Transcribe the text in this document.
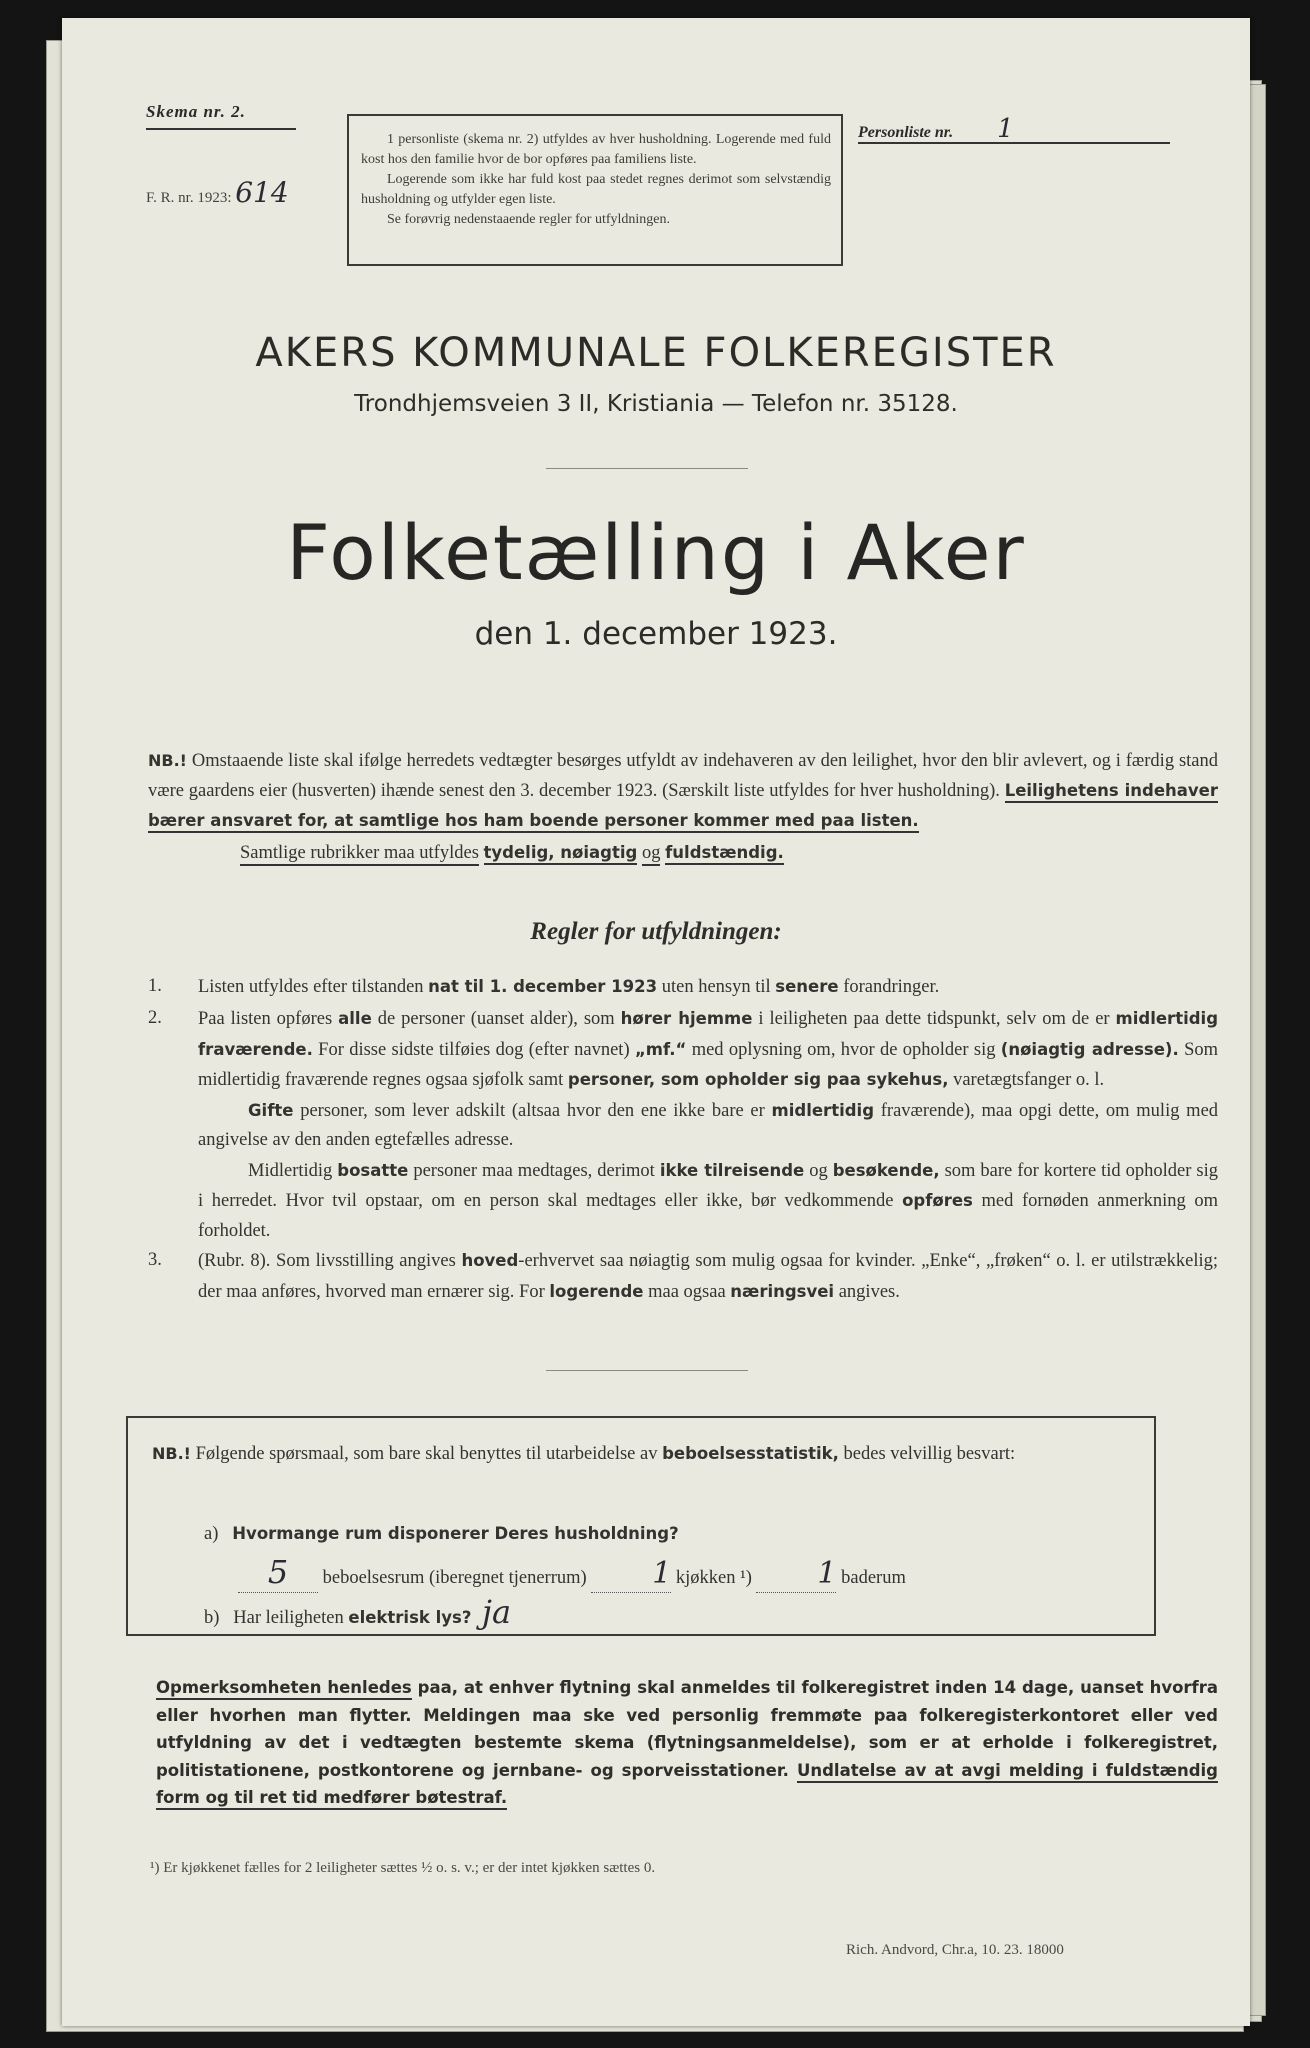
Skema nr. 2.
F. R. nr. 1923: 614

1 personliste (skema nr. 2) utfyldes av hver husholdning. Logerende med fuld kost hos den familie hvor de bor opføres paa familiens liste.

Logerende som ikke har fuld kost paa stedet regnes derimot som selvstændig husholdning og utfylder egen liste.

Se forøvrig nedenstaaende regler for utfyldningen.

Personliste nr. 1
AKERS KOMMUNALE FOLKEREGISTER
Trondhjemsveien 3 II, Kristiania — Telefon nr. 35128.
Folketælling i Aker
den 1. december 1923.
NB.! Omstaaende liste skal ifølge herredets vedtægter besørges utfyldt av indehaveren av den leilighet, hvor den blir avlevert, og i færdig stand være gaardens eier (husverten) ihænde senest den 3. december 1923. (Særskilt liste utfyldes for hver husholdning). Leilighetens indehaver bærer ansvaret for, at samtlige hos ham boende personer kommer med paa listen.
Samtlige rubrikker maa utfyldes tydelig, nøiagtig og fuldstændig.
Regler for utfyldningen:
1. Listen utfyldes efter tilstanden nat til 1. december 1923 uten hensyn til senere forandringer.
2. Paa listen opføres alle de personer (uanset alder), som hører hjemme i leiligheten paa dette tidspunkt, selv om de er midlertidig fraværende. For disse sidste tilføies dog (efter navnet) „mf.“ med oplysning om, hvor de opholder sig (nøiagtig adresse). Som midlertidig fraværende regnes ogsaa sjøfolk samt personer, som opholder sig paa sykehus, varetægtsfanger o. l.
Gifte personer, som lever adskilt (altsaa hvor den ene ikke bare er midlertidig fraværende), maa opgi dette, om mulig med angivelse av den anden egtefælles adresse.
Midlertidig bosatte personer maa medtages, derimot ikke tilreisende og besøkende, som bare for kortere tid opholder sig i herredet. Hvor tvil opstaar, om en person skal medtages eller ikke, bør vedkommende opføres med fornøden anmerkning om forholdet.
3. (Rubr. 8). Som livsstilling angives hoved-erhvervet saa nøiagtig som mulig ogsaa for kvinder. „Enke“, „frøken“ o. l. er utilstrækkelig; der maa anføres, hvorved man ernærer sig. For logerende maa ogsaa næringsvei angives.
NB.! Følgende spørsmaal, som bare skal benyttes til utarbeidelse av beboelsesstatistik, bedes velvillig besvart:
a) Hvormange rum disponerer Deres husholdning?
5 beboelsesrum (iberegnet tjenerrum) 1 kjøkken ¹) 1 baderum
b) Har leiligheten elektrisk lys? ja
Opmerksomheten henledes paa, at enhver flytning skal anmeldes til folkeregistret inden 14 dage, uanset hvorfra eller hvorhen man flytter. Meldingen maa ske ved personlig fremmøte paa folkeregisterkontoret eller ved utfyldning av det i vedtægten bestemte skema (flytningsanmeldelse), som er at erholde i folkeregistret, politistationene, postkontorene og jernbane- og sporveisstationer. Undlatelse av at avgi melding i fuldstændig form og til ret tid medfører bøtestraf.
¹) Er kjøkkenet fælles for 2 leiligheter sættes ½ o. s. v.; er der intet kjøkken sættes 0.
Rich. Andvord, Chr.a, 10. 23. 18000
